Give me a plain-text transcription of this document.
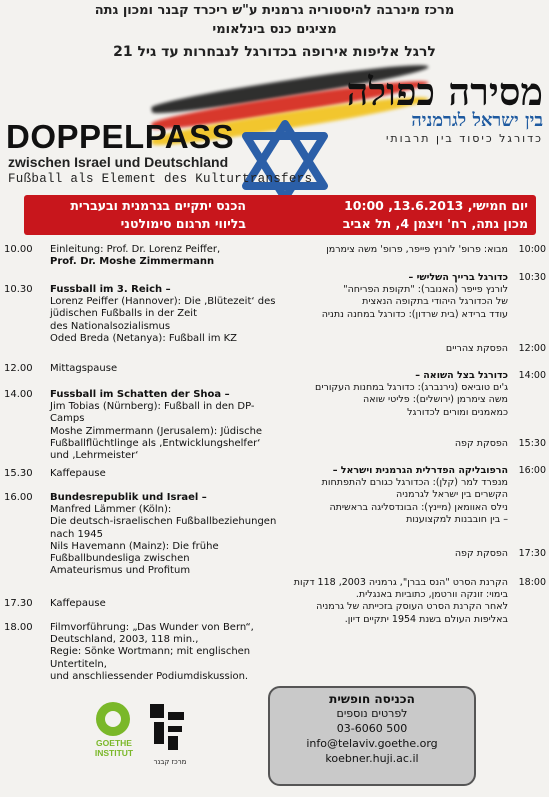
מרכז מינרבה להיסטוריה גרמנית ע"ש ריכרד קבנר ומכון גתה
מציגים כנס בינלאומי
לרגל אליפות אירופה בכדורגל לנבחרות עד גיל 21
מסירה כפולה
בין ישראל לגרמניה
כדורגל כיסוד בין תרבותי
DOPPELPASS
zwischen Israel und Deutschland
Fußball als Element des Kulturtransfers
יום חמישי, 13.6.2013, 10:00
מכון גתה, רח' ויצמן 4, תל אביב
הכנס יתקיים בגרמנית ובעברית
בליווי תרגום סימולטני
10.00	Einleitung: Prof. Dr. Lorenz Peiffer,
Prof. Dr. Moshe Zimmermann
10.30	Fussball im 3. Reich –
Lorenz Peiffer (Hannover): Die ‚Blütezeit‘ des
jüdischen Fußballs in der Zeit
des Nationalsozialismus
Oded Breda (Netanya): Fußball im KZ
12.00	Mittagspause
14.00	Fussball im Schatten der Shoa –
Jim Tobias (Nürnberg): Fußball in den DP-Camps
Moshe Zimmermann (Jerusalem): Jüdische
Fußballflüchtlinge als ‚Entwicklungshelfer‘
und ‚Lehrmeister‘
15.30	Kaffepause
16.00	Bundesrepublik und Israel –
Manfred Lämmer (Köln):
Die deutsch-israelischen Fußballbeziehungen
nach 1945
Nils Havemann (Mainz): Die frühe
Fußballbundesliga zwischen
Amateurismus und Profitum
17.30	Kaffepause
18.00	Filmvorführung: „Das Wunder von Bern“,
Deutschland, 2003, 118 min.,
Regie: Sönke Wortmann; mit englischen Untertiteln,
und anschliessender Podiumdiskussion.
10:00
מבוא: פרופ' לורנץ פייפר, פרופ' משה צימרמן
10:30
כדורגל ברייך השלישי –
לורנץ פייפר (האנובר): "תקופת הפריחה"
של הכדורגל היהודי בתקופה הנאצית
עודד ברידא (בית שרדון): כדורגל במחנה נתניה
12:00
הפסקת צהריים
14:00
כדורגל בצל השואה –
ג'ים טוביאס (נירנברג): כדורגל במחנות העקורים
משה צימרמן (ירושלים): פליטי שואה
כמאמנים ומורים לכדורגל
15:30
הפסקת קפה
16:00
הרפובליקה הפדרלית הגרמנית וישראל –
מנפרד למר (קלן): הכדורגל כגורם להתפתחות
הקשרים בין ישראל לגרמניה
נילס האוומאן (מיינץ): הבונדסליגה בראשיתה
– בין חובבנות למקצוענות
17:30
הפסקת קפה
18:00
הקרנת הסרט "הנס בברן", גרמניה 2003, 118 דקות
בימוי: זונקה וורטמן, כתוביות באנגלית.
לאחר הקרנת הסרט העוסק בזכייתה של גרמניה
באליפות העולם בשנת 1954 יתקיים דיון.
GOETHE INSTITUT
מרכז קבנר
הכניסה חופשית
לפרטים נוספים
03-6060 500
info@telaviv.goethe.org
koebner.huji.ac.il
